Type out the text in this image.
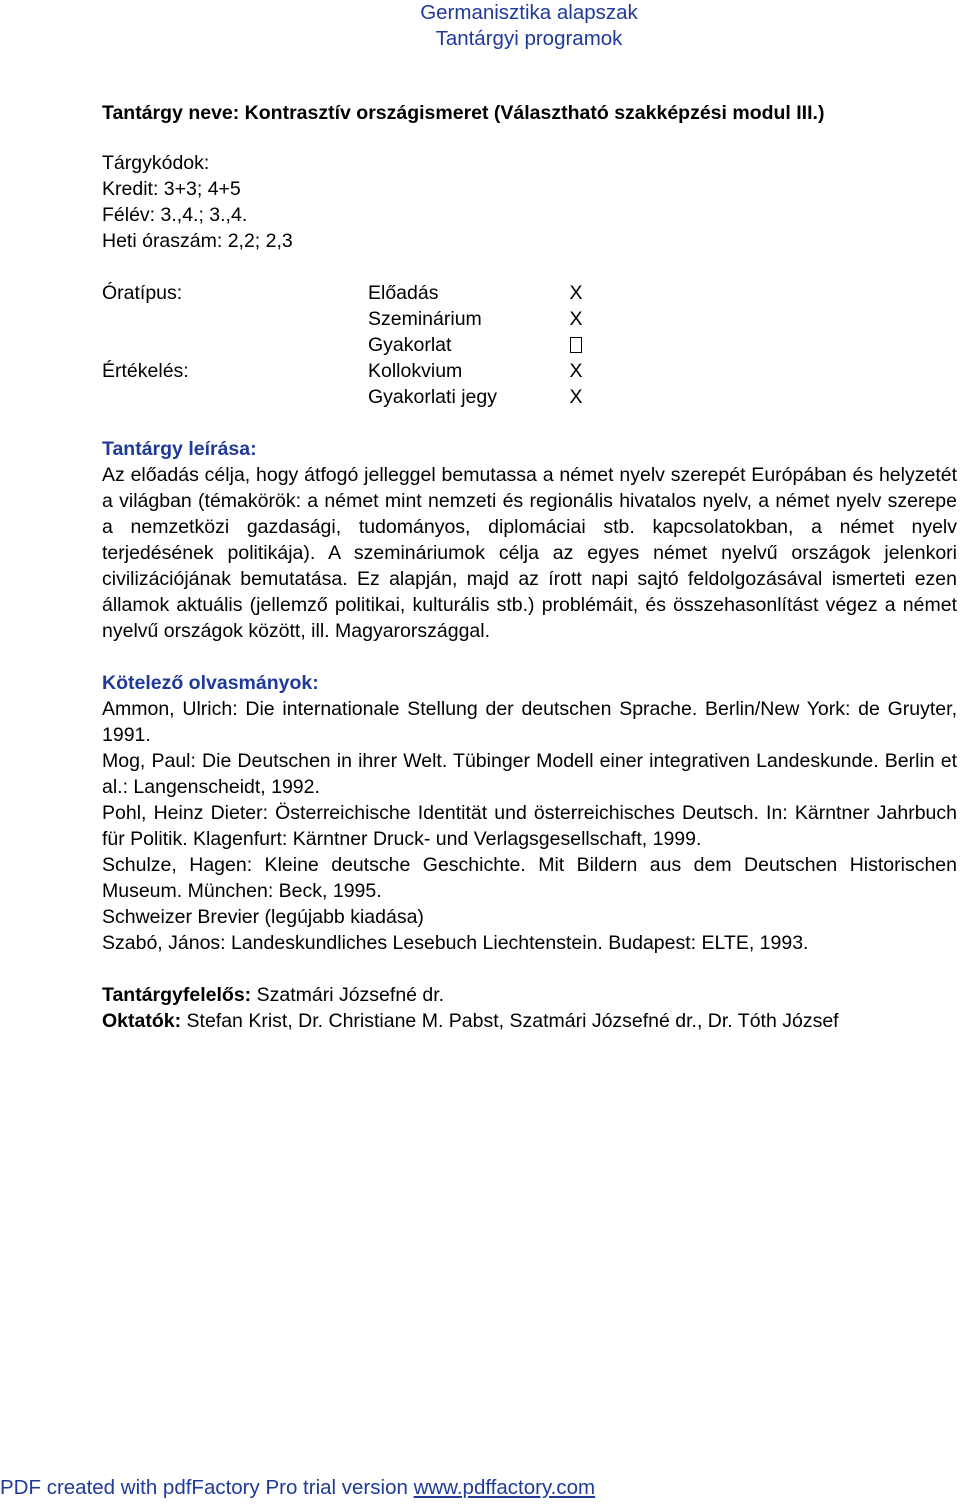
Germanisztika alapszak
Tantárgyi programok
Tantárgy neve: Kontrasztív országismeret (Választható szakképzési modul III.)
Tárgykódok:
Kredit: 3+3; 4+5
Félév: 3.,4.; 3.,4.
Heti óraszám: 2,2; 2,3
Óratípus:	Előadás	X
Szeminárium	X
Gyakorlat
Értékelés:	Kollokvium	X
Gyakorlati jegy	X
Tantárgy leírása:
Az előadás célja, hogy átfogó jelleggel bemutassa a német nyelv szerepét Európában és helyzetét a világban (témakörök: a német mint nemzeti és regionális hivatalos nyelv, a német nyelv szerepe a nemzetközi gazdasági, tudományos, diplomáciai stb. kapcsolatokban, a német nyelv terjedésének politikája). A szemináriumok célja az egyes német nyelvű országok jelenkori civilizációjának bemutatása. Ez alapján, majd az írott napi sajtó feldolgozásával ismerteti ezen államok aktuális (jellemző politikai, kulturális stb.) problémáit, és összehasonlítást végez a német nyelvű országok között, ill. Magyarországgal.
Kötelező olvasmányok:
Ammon, Ulrich: Die internationale Stellung der deutschen Sprache. Berlin/New York: de Gruyter, 1991.
Mog, Paul: Die Deutschen in ihrer Welt. Tübinger Modell einer integrativen Landeskunde. Berlin et al.: Langenscheidt, 1992.
Pohl, Heinz Dieter: Österreichische Identität und österreichisches Deutsch. In: Kärntner Jahrbuch für Politik. Klagenfurt: Kärntner Druck- und Verlagsgesellschaft, 1999.
Schulze, Hagen: Kleine deutsche Geschichte. Mit Bildern aus dem Deutschen Historischen Museum. München: Beck, 1995.
Schweizer Brevier (legújabb kiadása)
Szabó, János: Landeskundliches Lesebuch Liechtenstein. Budapest: ELTE, 1993.
Tantárgyfelelős: Szatmári Józsefné dr.
Oktatók: Stefan Krist, Dr. Christiane M. Pabst, Szatmári Józsefné dr., Dr. Tóth József
PDF created with pdfFactory Pro trial version www.pdffactory.com
